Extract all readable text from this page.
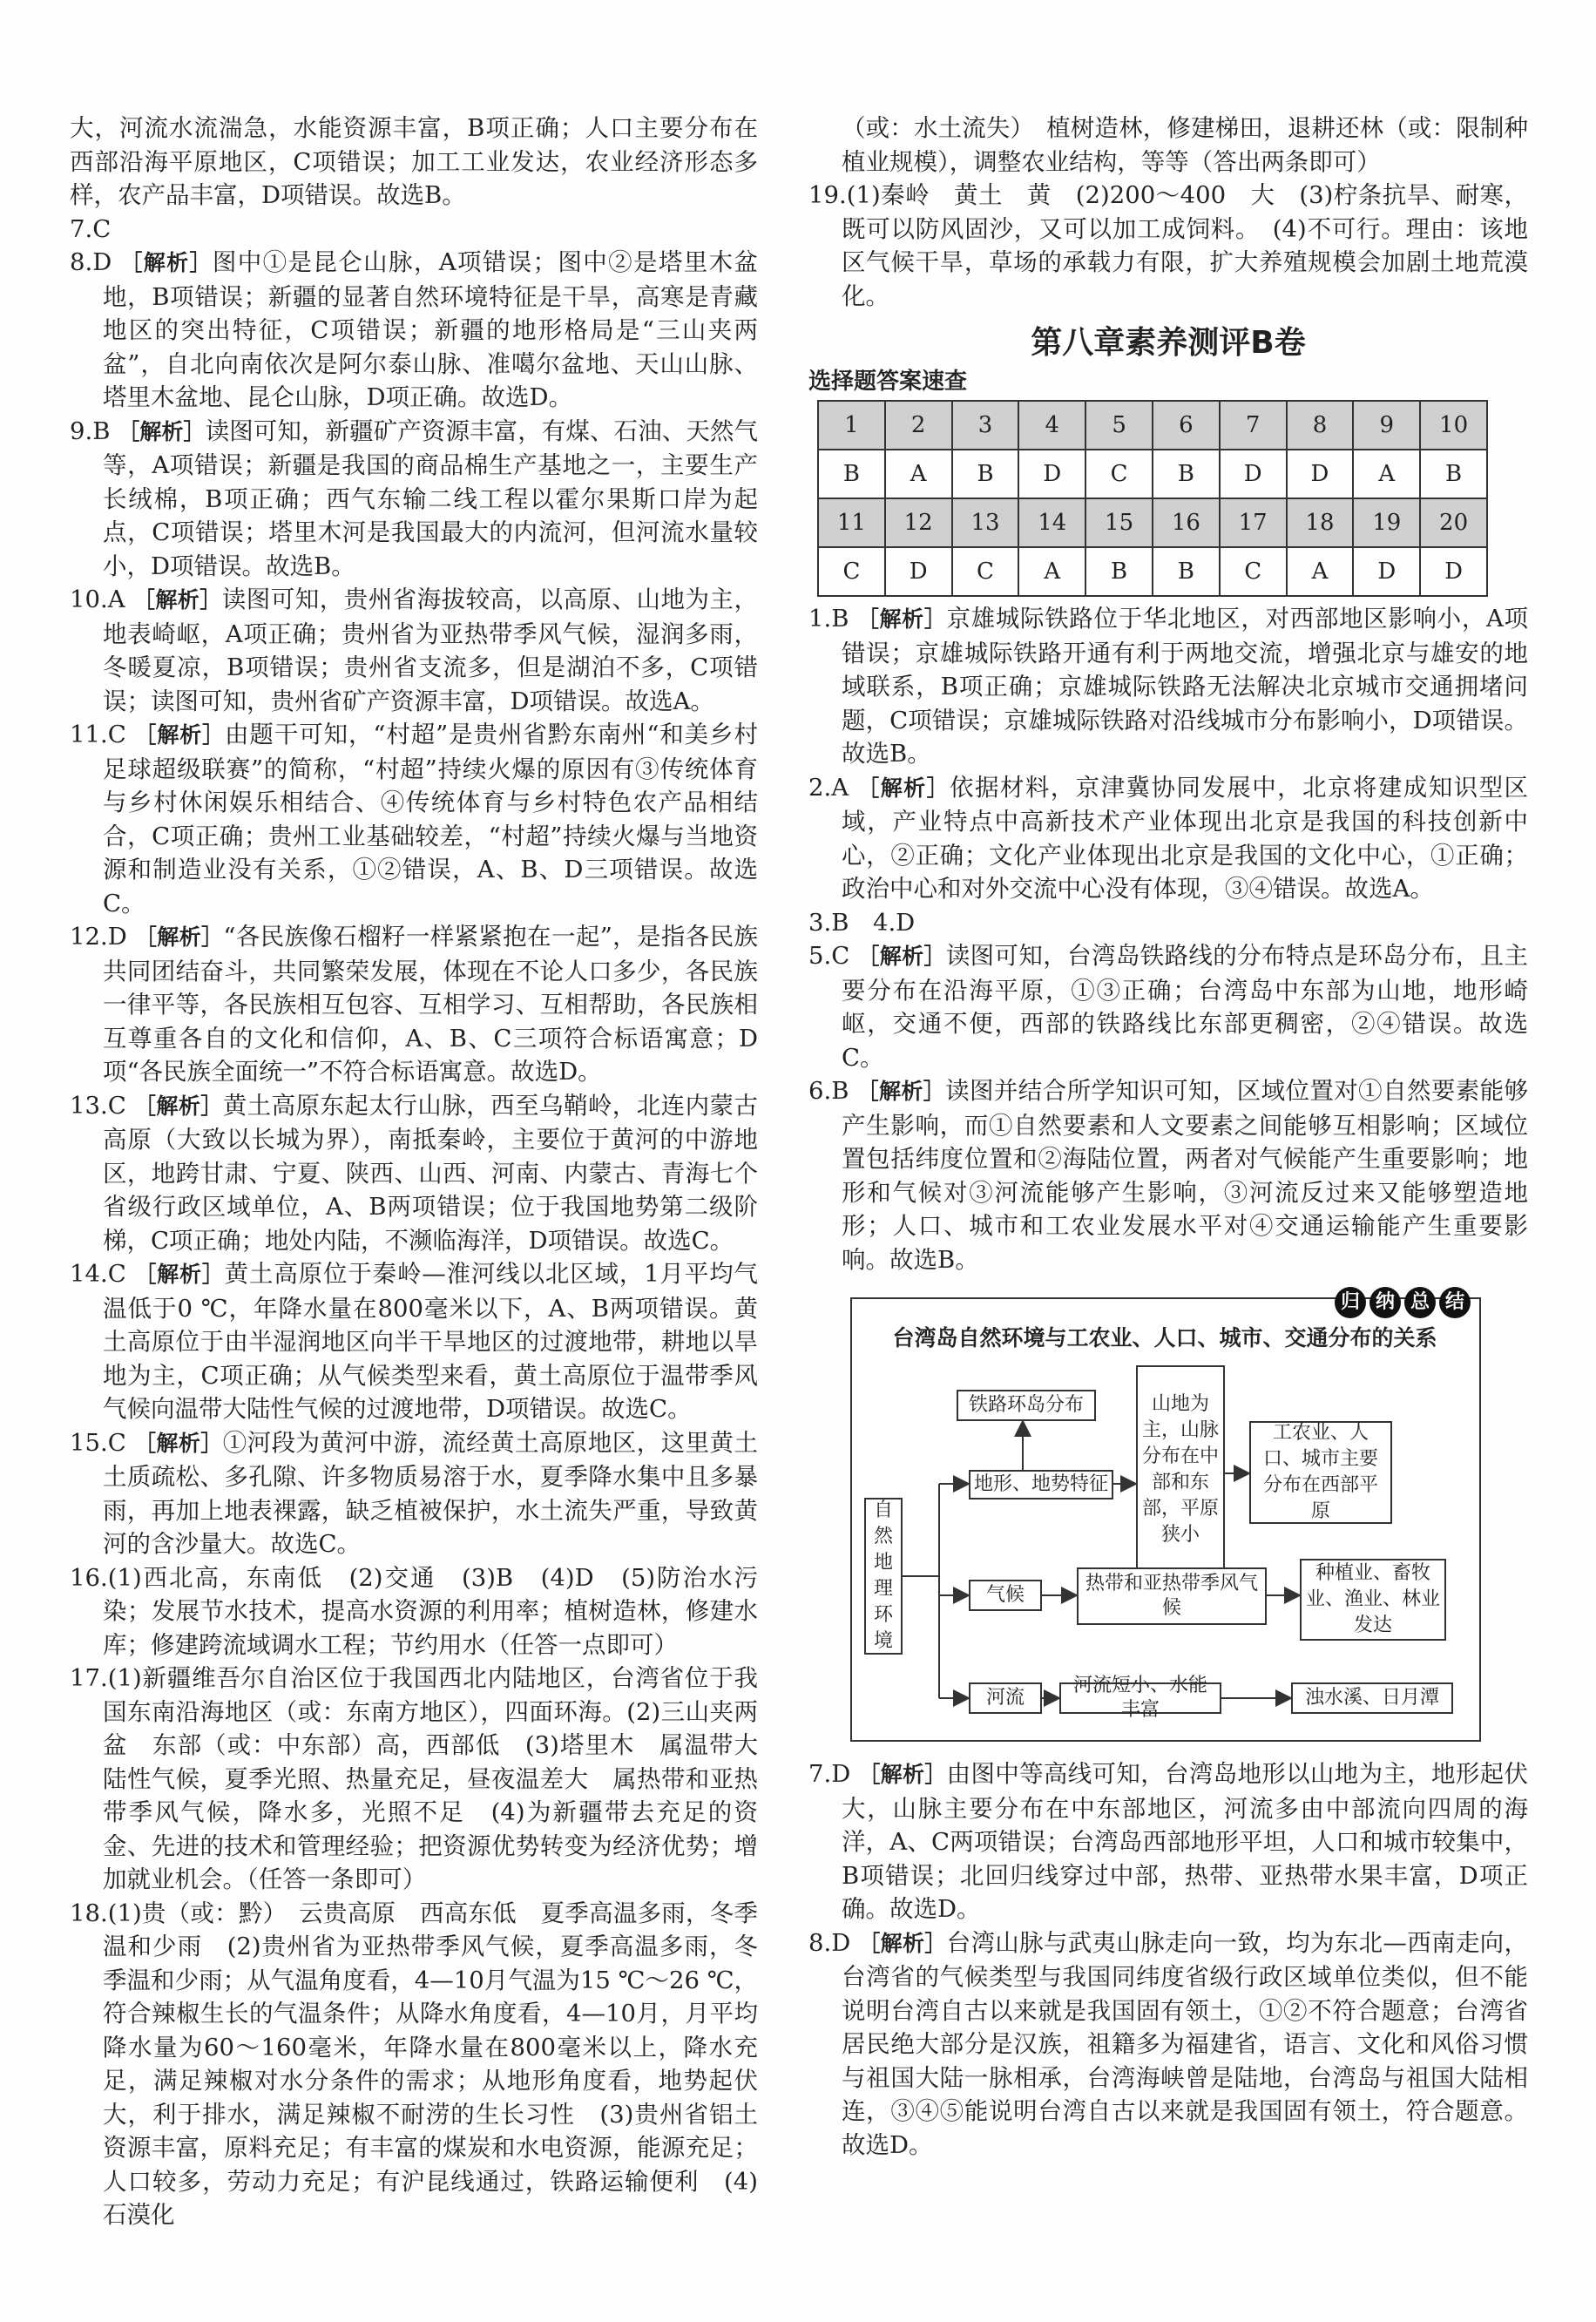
大，河流水流湍急，水能资源丰富，B项正确；人口主要分布在西部沿海平原地区，C项错误；加工工业发达，农业经济形态多样，农产品丰富，D项错误。故选B。

7.C

8.D ［解析］图中①是昆仑山脉，A项错误；图中②是塔里木盆地，B项错误；新疆的显著自然环境特征是干旱，高寒是青藏地区的突出特征，C项错误；新疆的地形格局是“三山夹两盆”，自北向南依次是阿尔泰山脉、准噶尔盆地、天山山脉、塔里木盆地、昆仑山脉，D项正确。故选D。

9.B ［解析］读图可知，新疆矿产资源丰富，有煤、石油、天然气等，A项错误；新疆是我国的商品棉生产基地之一，主要生产长绒棉，B项正确；西气东输二线工程以霍尔果斯口岸为起点，C项错误；塔里木河是我国最大的内流河，但河流水量较小，D项错误。故选B。

10.A ［解析］读图可知，贵州省海拔较高，以高原、山地为主，地表崎岖，A项正确；贵州省为亚热带季风气候，湿润多雨，冬暖夏凉，B项错误；贵州省支流多，但是湖泊不多，C项错误；读图可知，贵州省矿产资源丰富，D项错误。故选A。

11.C ［解析］由题干可知，“村超”是贵州省黔东南州“和美乡村足球超级联赛”的简称，“村超”持续火爆的原因有③传统体育与乡村休闲娱乐相结合、④传统体育与乡村特色农产品相结合，C项正确；贵州工业基础较差，“村超”持续火爆与当地资源和制造业没有关系，①②错误，A、B、D三项错误。故选C。

12.D ［解析］“各民族像石榴籽一样紧紧抱在一起”，是指各民族共同团结奋斗，共同繁荣发展，体现在不论人口多少，各民族一律平等，各民族相互包容、互相学习、互相帮助，各民族相互尊重各自的文化和信仰，A、B、C三项符合标语寓意；D项“各民族全面统一”不符合标语寓意。故选D。

13.C ［解析］黄土高原东起太行山脉，西至乌鞘岭，北连内蒙古高原（大致以长城为界），南抵秦岭，主要位于黄河的中游地区，地跨甘肃、宁夏、陕西、山西、河南、内蒙古、青海七个省级行政区域单位，A、B两项错误；位于我国地势第二级阶梯，C项正确；地处内陆，不濒临海洋，D项错误。故选C。

14.C ［解析］黄土高原位于秦岭—淮河线以北区域，1月平均气温低于0 ℃，年降水量在800毫米以下，A、B两项错误。黄土高原位于由半湿润地区向半干旱地区的过渡地带，耕地以旱地为主，C项正确；从气候类型来看，黄土高原位于温带季风气候向温带大陆性气候的过渡地带，D项错误。故选C。

15.C ［解析］①河段为黄河中游，流经黄土高原地区，这里黄土土质疏松、多孔隙、许多物质易溶于水，夏季降水集中且多暴雨，再加上地表裸露，缺乏植被保护，水土流失严重，导致黄河的含沙量大。故选C。

16.(1)西北高，东南低　(2)交通　(3)B　(4)D　(5)防治水污染；发展节水技术，提高水资源的利用率；植树造林，修建水库；修建跨流域调水工程；节约用水（任答一点即可）

17.(1)新疆维吾尔自治区位于我国西北内陆地区，台湾省位于我国东南沿海地区（或：东南方地区），四面环海。(2)三山夹两盆　东部（或：中东部）高，西部低　(3)塔里木　属温带大陆性气候，夏季光照、热量充足，昼夜温差大　属热带和亚热带季风气候，降水多，光照不足　(4)为新疆带去充足的资金、先进的技术和管理经验；把资源优势转变为经济优势；增加就业机会。（任答一条即可）

18.(1)贵（或：黔）　云贵高原　西高东低　夏季高温多雨，冬季温和少雨　(2)贵州省为亚热带季风气候，夏季高温多雨，冬季温和少雨；从气温角度看，4—10月气温为15 ℃～26 ℃，符合辣椒生长的气温条件；从降水角度看，4—10月，月平均降水量为60～160毫米，年降水量在800毫米以上，降水充足，满足辣椒对水分条件的需求；从地形角度看，地势起伏大，利于排水，满足辣椒不耐涝的生长习性　(3)贵州省铝土资源丰富，原料充足；有丰富的煤炭和水电资源，能源充足；人口较多，劳动力充足；有沪昆线通过，铁路运输便利　(4)石漠化

（或：水土流失）　植树造林，修建梯田，退耕还林（或：限制种植业规模），调整农业结构，等等（答出两条即可）

19.(1)秦岭　黄土　黄　(2)200～400　大　(3)柠条抗旱、耐寒，既可以防风固沙，又可以加工成饲料。　(4)不可行。理由：该地区气候干旱，草场的承载力有限，扩大养殖规模会加剧土地荒漠化。

第八章素养测评B卷
选择题答案速查
1	2	3	4	5	6	7	8	9	10
B	A	B	D	C	B	D	D	A	B
11	12	13	14	15	16	17	18	19	20
C	D	C	A	B	B	C	A	D	D

1.B ［解析］京雄城际铁路位于华北地区，对西部地区影响小，A项错误；京雄城际铁路开通有利于两地交流，增强北京与雄安的地域联系，B项正确；京雄城际铁路无法解决北京城市交通拥堵问题，C项错误；京雄城际铁路对沿线城市分布影响小，D项错误。故选B。

2.A ［解析］依据材料，京津冀协同发展中，北京将建成知识型区域，产业特点中高新技术产业体现出北京是我国的科技创新中心，②正确；文化产业体现出北京是我国的文化中心，①正确；政治中心和对外交流中心没有体现，③④错误。故选A。

3.B　4.D

5.C ［解析］读图可知，台湾岛铁路线的分布特点是环岛分布，且主要分布在沿海平原，①③正确；台湾岛中东部为山地，地形崎岖，交通不便，西部的铁路线比东部更稠密，②④错误。故选C。

6.B ［解析］读图并结合所学知识可知，区域位置对①自然要素能够产生影响，而①自然要素和人文要素之间能够互相影响；区域位置包括纬度位置和②海陆位置，两者对气候能产生重要影响；地形和气候对③河流能够产生影响，③河流反过来又能够塑造地形；人口、城市和工农业发展水平对④交通运输能产生重要影响。故选B。

归 纳 总 结
台湾岛自然环境与工农业、人口、城市、交通分布的关系
自然地理环境
地形、地势特征
铁路环岛分布	山地为主，山脉分布在中部和东部，平原狭小
工农业、人口、城市主要分布在西部平原
气候
热带和亚热带季风气候
种植业、畜牧业、渔业、林业发达
河流
河流短小、水能丰富
浊水溪、日月潭

7.D ［解析］由图中等高线可知，台湾岛地形以山地为主，地形起伏大，山脉主要分布在中东部地区，河流多由中部流向四周的海洋，A、C两项错误；台湾岛西部地形平坦，人口和城市较集中，B项错误；北回归线穿过中部，热带、亚热带水果丰富，D项正确。故选D。

8.D ［解析］台湾山脉与武夷山脉走向一致，均为东北—西南走向，台湾省的气候类型与我国同纬度省级行政区域单位类似，但不能说明台湾自古以来就是我国固有领土，①②不符合题意；台湾省居民绝大部分是汉族，祖籍多为福建省，语言、文化和风俗习惯与祖国大陆一脉相承，台湾海峡曾是陆地，台湾岛与祖国大陆相连，③④⑤能说明台湾自古以来就是我国固有领土，符合题意。故选D。
